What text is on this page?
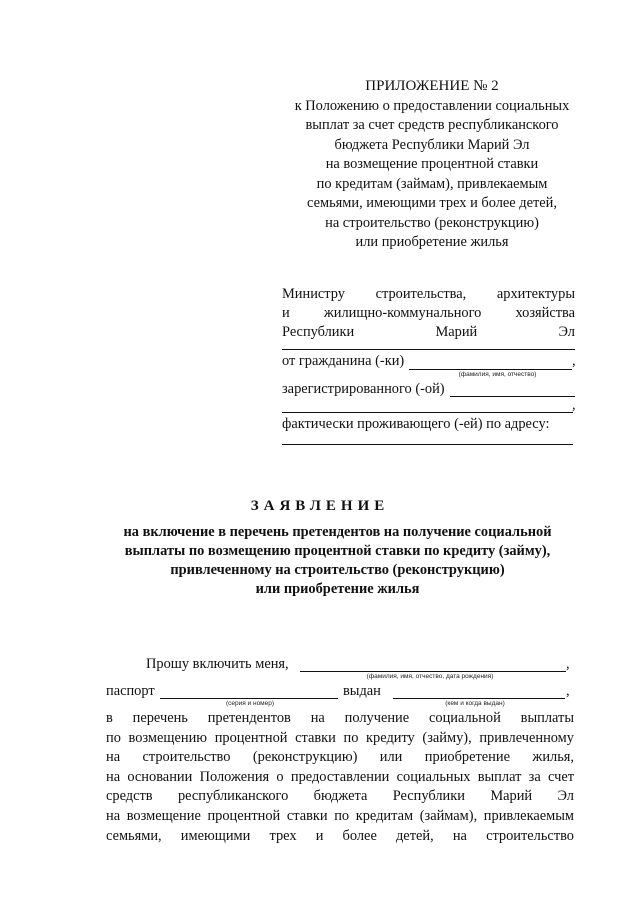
ПРИЛОЖЕНИЕ № 2
к Положению о предоставлении социальных
выплат за счет средств республиканского
бюджета Республики Марий Эл
на возмещение процентной ставки
по кредитам (займам), привлекаемым
семьями, имеющими трех и более детей,
на строительство (реконструкцию)
или приобретение жилья
Министру строительства, архитектуры
и жилищно-коммунального хозяйства
Республики Марий Эл
от гражданина (-ки)	,
(фамилия, имя, отчество)
зарегистрированного (-ой)
,
фактически проживающего (-ей) по адресу:
ЗАЯВЛЕНИЕ
на включение в перечень претендентов на получение социальной
выплаты по возмещению процентной ставки по кредиту (займу),
привлеченному на строительство (реконструкцию)
или приобретение жилья
Прошу включить меня,	,
(фамилия, имя, отчество, дата рождения)
паспорт	выдан	,
(серия и номер)	(кем и когда выдан)
в перечень претендентов на получение социальной выплаты
по возмещению процентной ставки по кредиту (займу), привлеченному
на строительство (реконструкцию) или приобретение жилья,
на основании Положения о предоставлении социальных выплат за счет
средств республиканского бюджета Республики Марий Эл
на возмещение процентной ставки по кредитам (займам), привлекаемым
семьями, имеющими трех и более детей, на строительство
